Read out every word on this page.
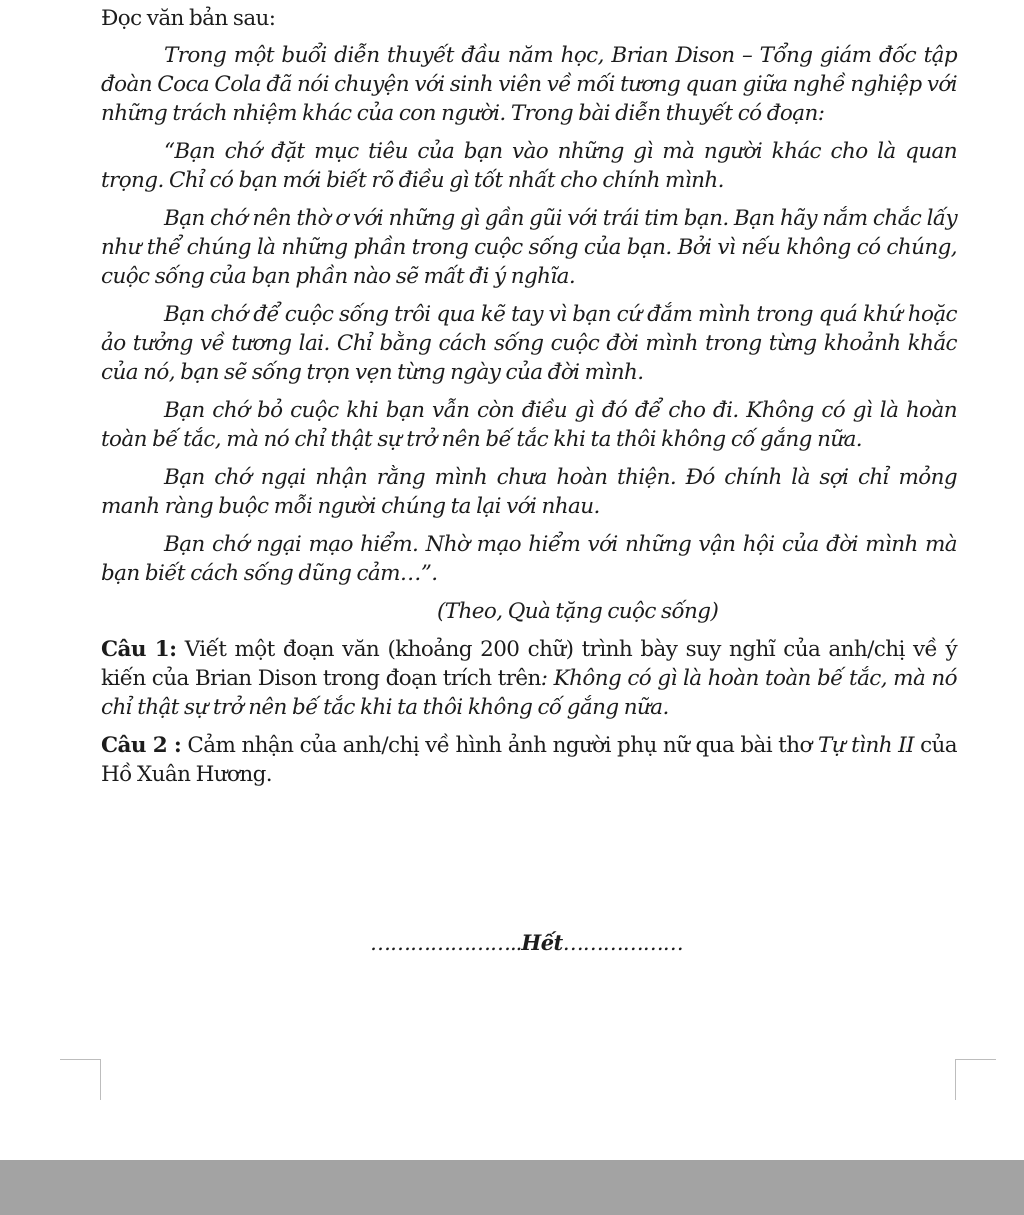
Đọc văn bản sau:

Trong một buổi diễn thuyết đầu năm học, Brian Dison – Tổng giám đốc tập đoàn Coca Cola đã nói chuyện với sinh viên về mối tương quan giữa nghề nghiệp với những trách nhiệm khác của con người. Trong bài diễn thuyết có đoạn:

“Bạn chớ đặt mục tiêu của bạn vào những gì mà người khác cho là quan trọng. Chỉ có bạn mới biết rõ điều gì tốt nhất cho chính mình.

Bạn chớ nên thờ ơ với những gì gần gũi với trái tim bạn. Bạn hãy nắm chắc lấy như thể chúng là những phần trong cuộc sống của bạn. Bởi vì nếu không có chúng, cuộc sống của bạn phần nào sẽ mất đi ý nghĩa.

Bạn chớ để cuộc sống trôi qua kẽ tay vì bạn cứ đắm mình trong quá khứ hoặc ảo tưởng về tương lai. Chỉ bằng cách sống cuộc đời mình trong từng khoảnh khắc của nó, bạn sẽ sống trọn vẹn từng ngày của đời mình.

Bạn chớ bỏ cuộc khi bạn vẫn còn điều gì đó để cho đi. Không có gì là hoàn toàn bế tắc, mà nó chỉ thật sự trở nên bế tắc khi ta thôi không cố gắng nữa.

Bạn chớ ngại nhận rằng mình chưa hoàn thiện. Đó chính là sợi chỉ mỏng manh ràng buộc mỗi người chúng ta lại với nhau.

Bạn chớ ngại mạo hiểm. Nhờ mạo hiểm với những vận hội của đời mình mà bạn biết cách sống dũng cảm…”.

(Theo, Quà tặng cuộc sống)

Câu 1: Viết một đoạn văn (khoảng 200 chữ) trình bày suy nghĩ của anh/chị về ý kiến của Brian Dison trong đoạn trích trên: Không có gì là hoàn toàn bế tắc, mà nó chỉ thật sự trở nên bế tắc khi ta thôi không cố gắng nữa.

Câu 2 : Cảm nhận của anh/chị về hình ảnh người phụ nữ qua bài thơ Tự tình II của Hồ Xuân Hương.

…………………..Hết………………
